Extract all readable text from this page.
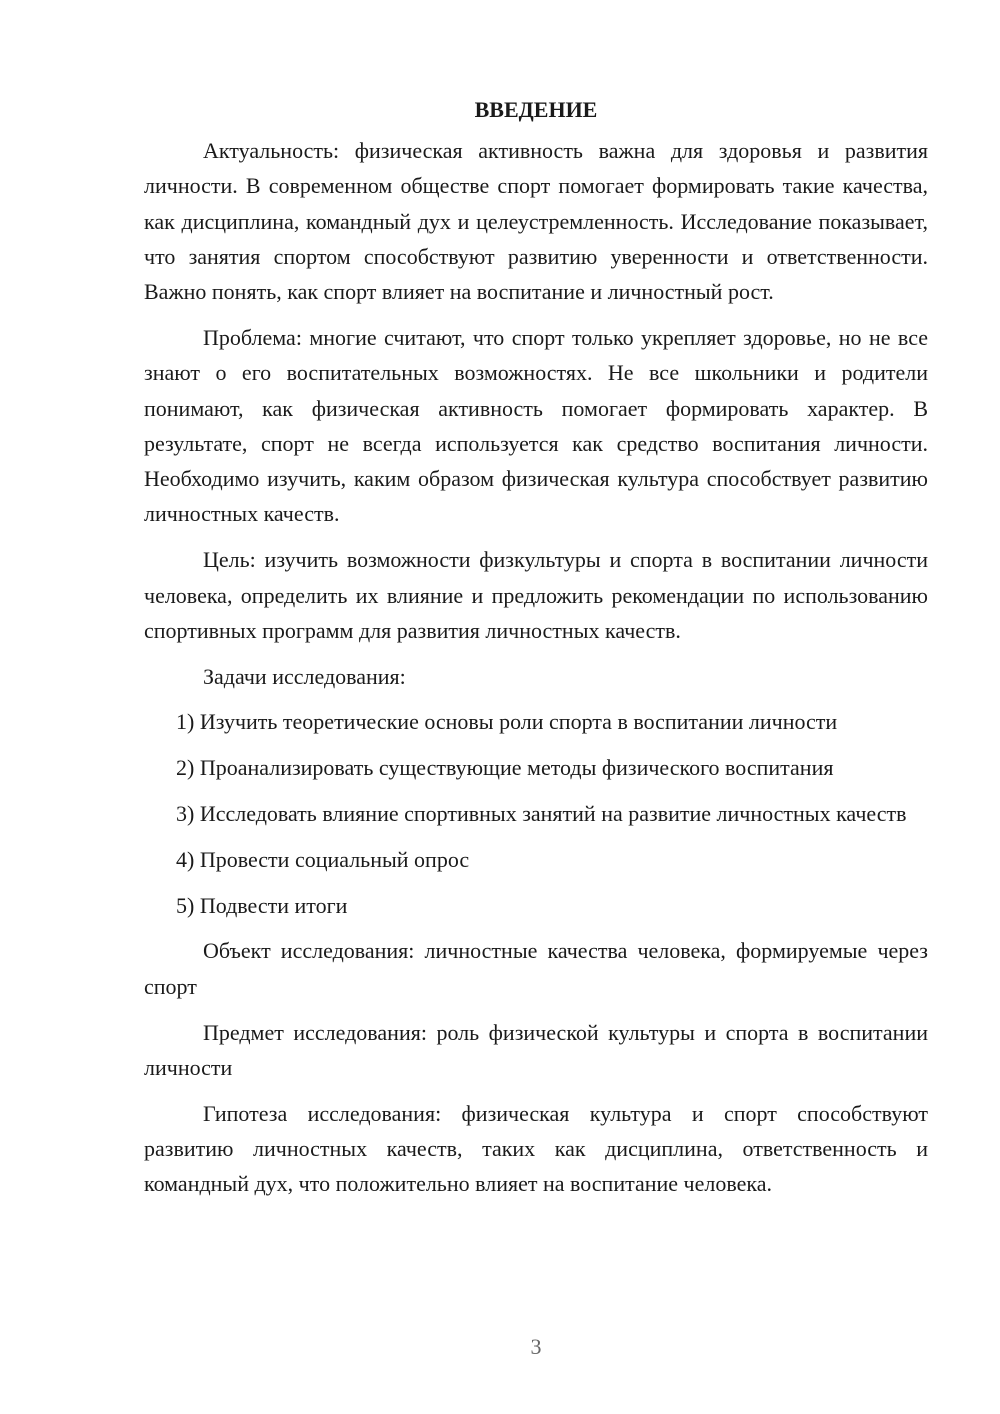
ВВЕДЕНИЕ

Актуальность: физическая активность важна для здоровья и развития личности. В современном обществе спорт помогает формировать такие качества, как дисциплина, командный дух и целеустремленность. Исследование показывает, что занятия спортом способствуют развитию уверенности и ответственности. Важно понять, как спорт влияет на воспитание и личностный рост.

Проблема: многие считают, что спорт только укрепляет здоровье, но не все знают о его воспитательных возможностях. Не все школьники и родители понимают, как физическая активность помогает формировать характер. В результате, спорт не всегда используется как средство воспитания личности. Необходимо изучить, каким образом физическая культура способствует развитию личностных качеств.

Цель: изучить возможности физкультуры и спорта в воспитании личности человека, определить их влияние и предложить рекомендации по использованию спортивных программ для развития личностных качеств.

Задачи исследования:

1) Изучить теоретические основы роли спорта в воспитании личности

2) Проанализировать существующие методы физического воспитания

3) Исследовать влияние спортивных занятий на развитие личностных качеств

4) Провести социальный опрос

5) Подвести итоги

Объект исследования: личностные качества человека, формируемые через спорт

Предмет исследования: роль физической культуры и спорта в воспитании личности

Гипотеза исследования: физическая культура и спорт способствуют развитию личностных качеств, таких как дисциплина, ответственность и командный дух, что положительно влияет на воспитание человека.

3
